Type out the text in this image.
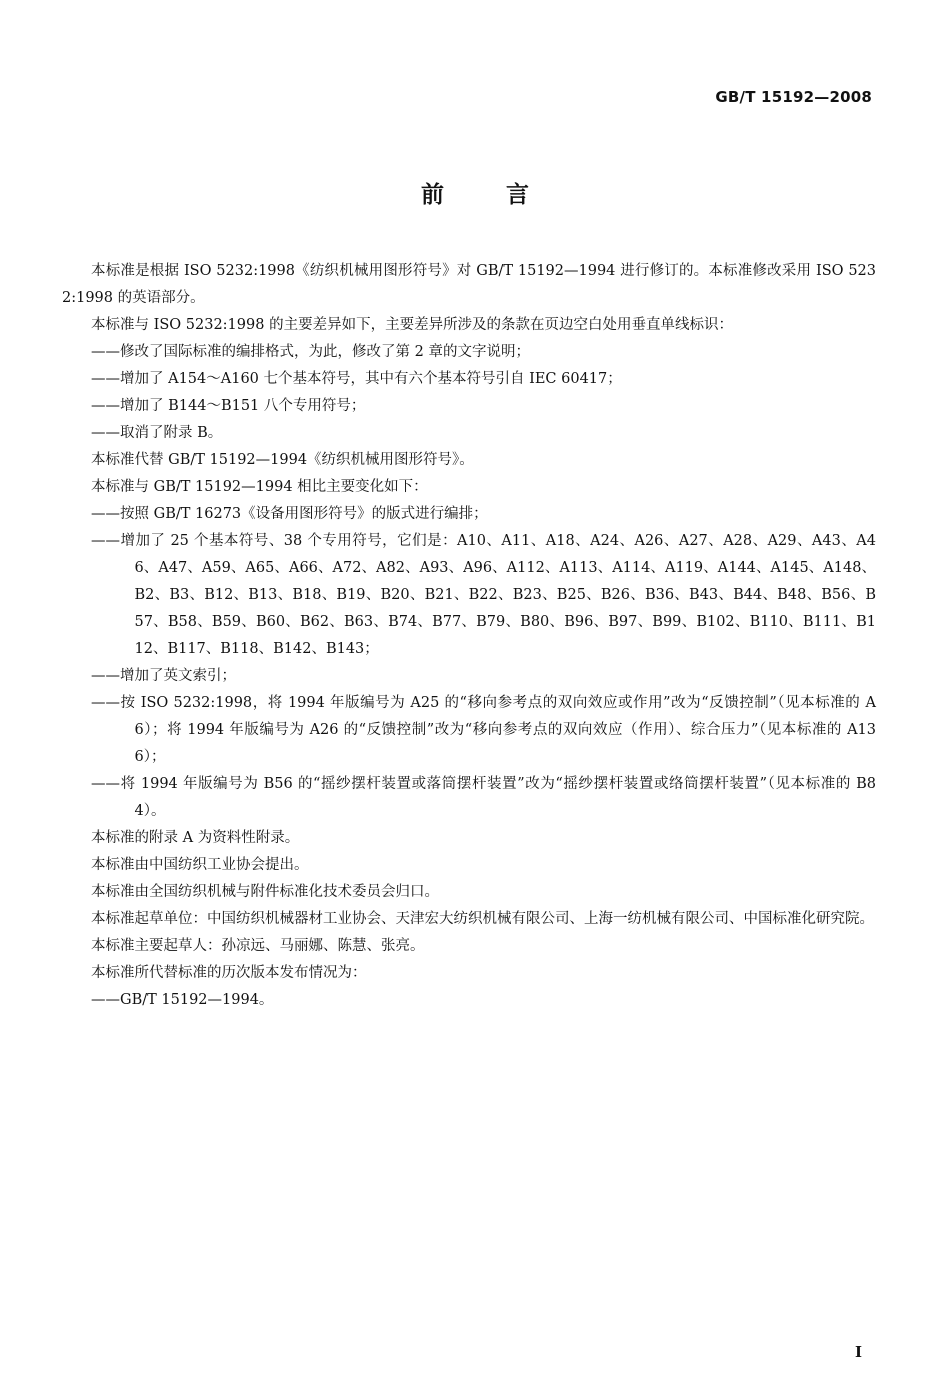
GB/T 15192—2008
前言

本标准是根据 ISO 5232:1998《纺织机械用图形符号》对 GB/T 15192—1994 进行修订的。本标准修改采用 ISO 5232:1998 的英语部分。

本标准与 ISO 5232:1998 的主要差异如下，主要差异所涉及的条款在页边空白处用垂直单线标识：

——修改了国际标准的编排格式，为此，修改了第 2 章的文字说明；

——增加了 A154～A160 七个基本符号，其中有六个基本符号引自 IEC 60417；

——增加了 B144～B151 八个专用符号；

——取消了附录 B。

本标准代替 GB/T 15192—1994《纺织机械用图形符号》。

本标准与 GB/T 15192—1994 相比主要变化如下：

——按照 GB/T 16273《设备用图形符号》的版式进行编排；

——增加了 25 个基本符号、38 个专用符号，它们是：A10、A11、A18、A24、A26、A27、A28、A29、A43、A46、A47、A59、A65、A66、A72、A82、A93、A96、A112、A113、A114、A119、A144、A145、A148、B2、B3、B12、B13、B18、B19、B20、B21、B22、B23、B25、B26、B36、B43、B44、B48、B56、B57、B58、B59、B60、B62、B63、B74、B77、B79、B80、B96、B97、B99、B102、B110、B111、B112、B117、B118、B142、B143；

——增加了英文索引；

——按 ISO 5232:1998，将 1994 年版编号为 A25 的“移向参考点的双向效应或作用”改为“反馈控制”（见本标准的 A6）；将 1994 年版编号为 A26 的“反馈控制”改为“移向参考点的双向效应（作用）、综合压力”（见本标准的 A136）；

——将 1994 年版编号为 B56 的“摇纱摆杆装置或落筒摆杆装置”改为“摇纱摆杆装置或络筒摆杆装置”（见本标准的 B84）。

本标准的附录 A 为资料性附录。

本标准由中国纺织工业协会提出。

本标准由全国纺织机械与附件标准化技术委员会归口。

本标准起草单位：中国纺织机械器材工业协会、天津宏大纺织机械有限公司、上海一纺机械有限公司、中国标准化研究院。

本标准主要起草人：孙凉远、马丽娜、陈慧、张亮。

本标准所代替标准的历次版本发布情况为：

——GB/T 15192—1994。

I
